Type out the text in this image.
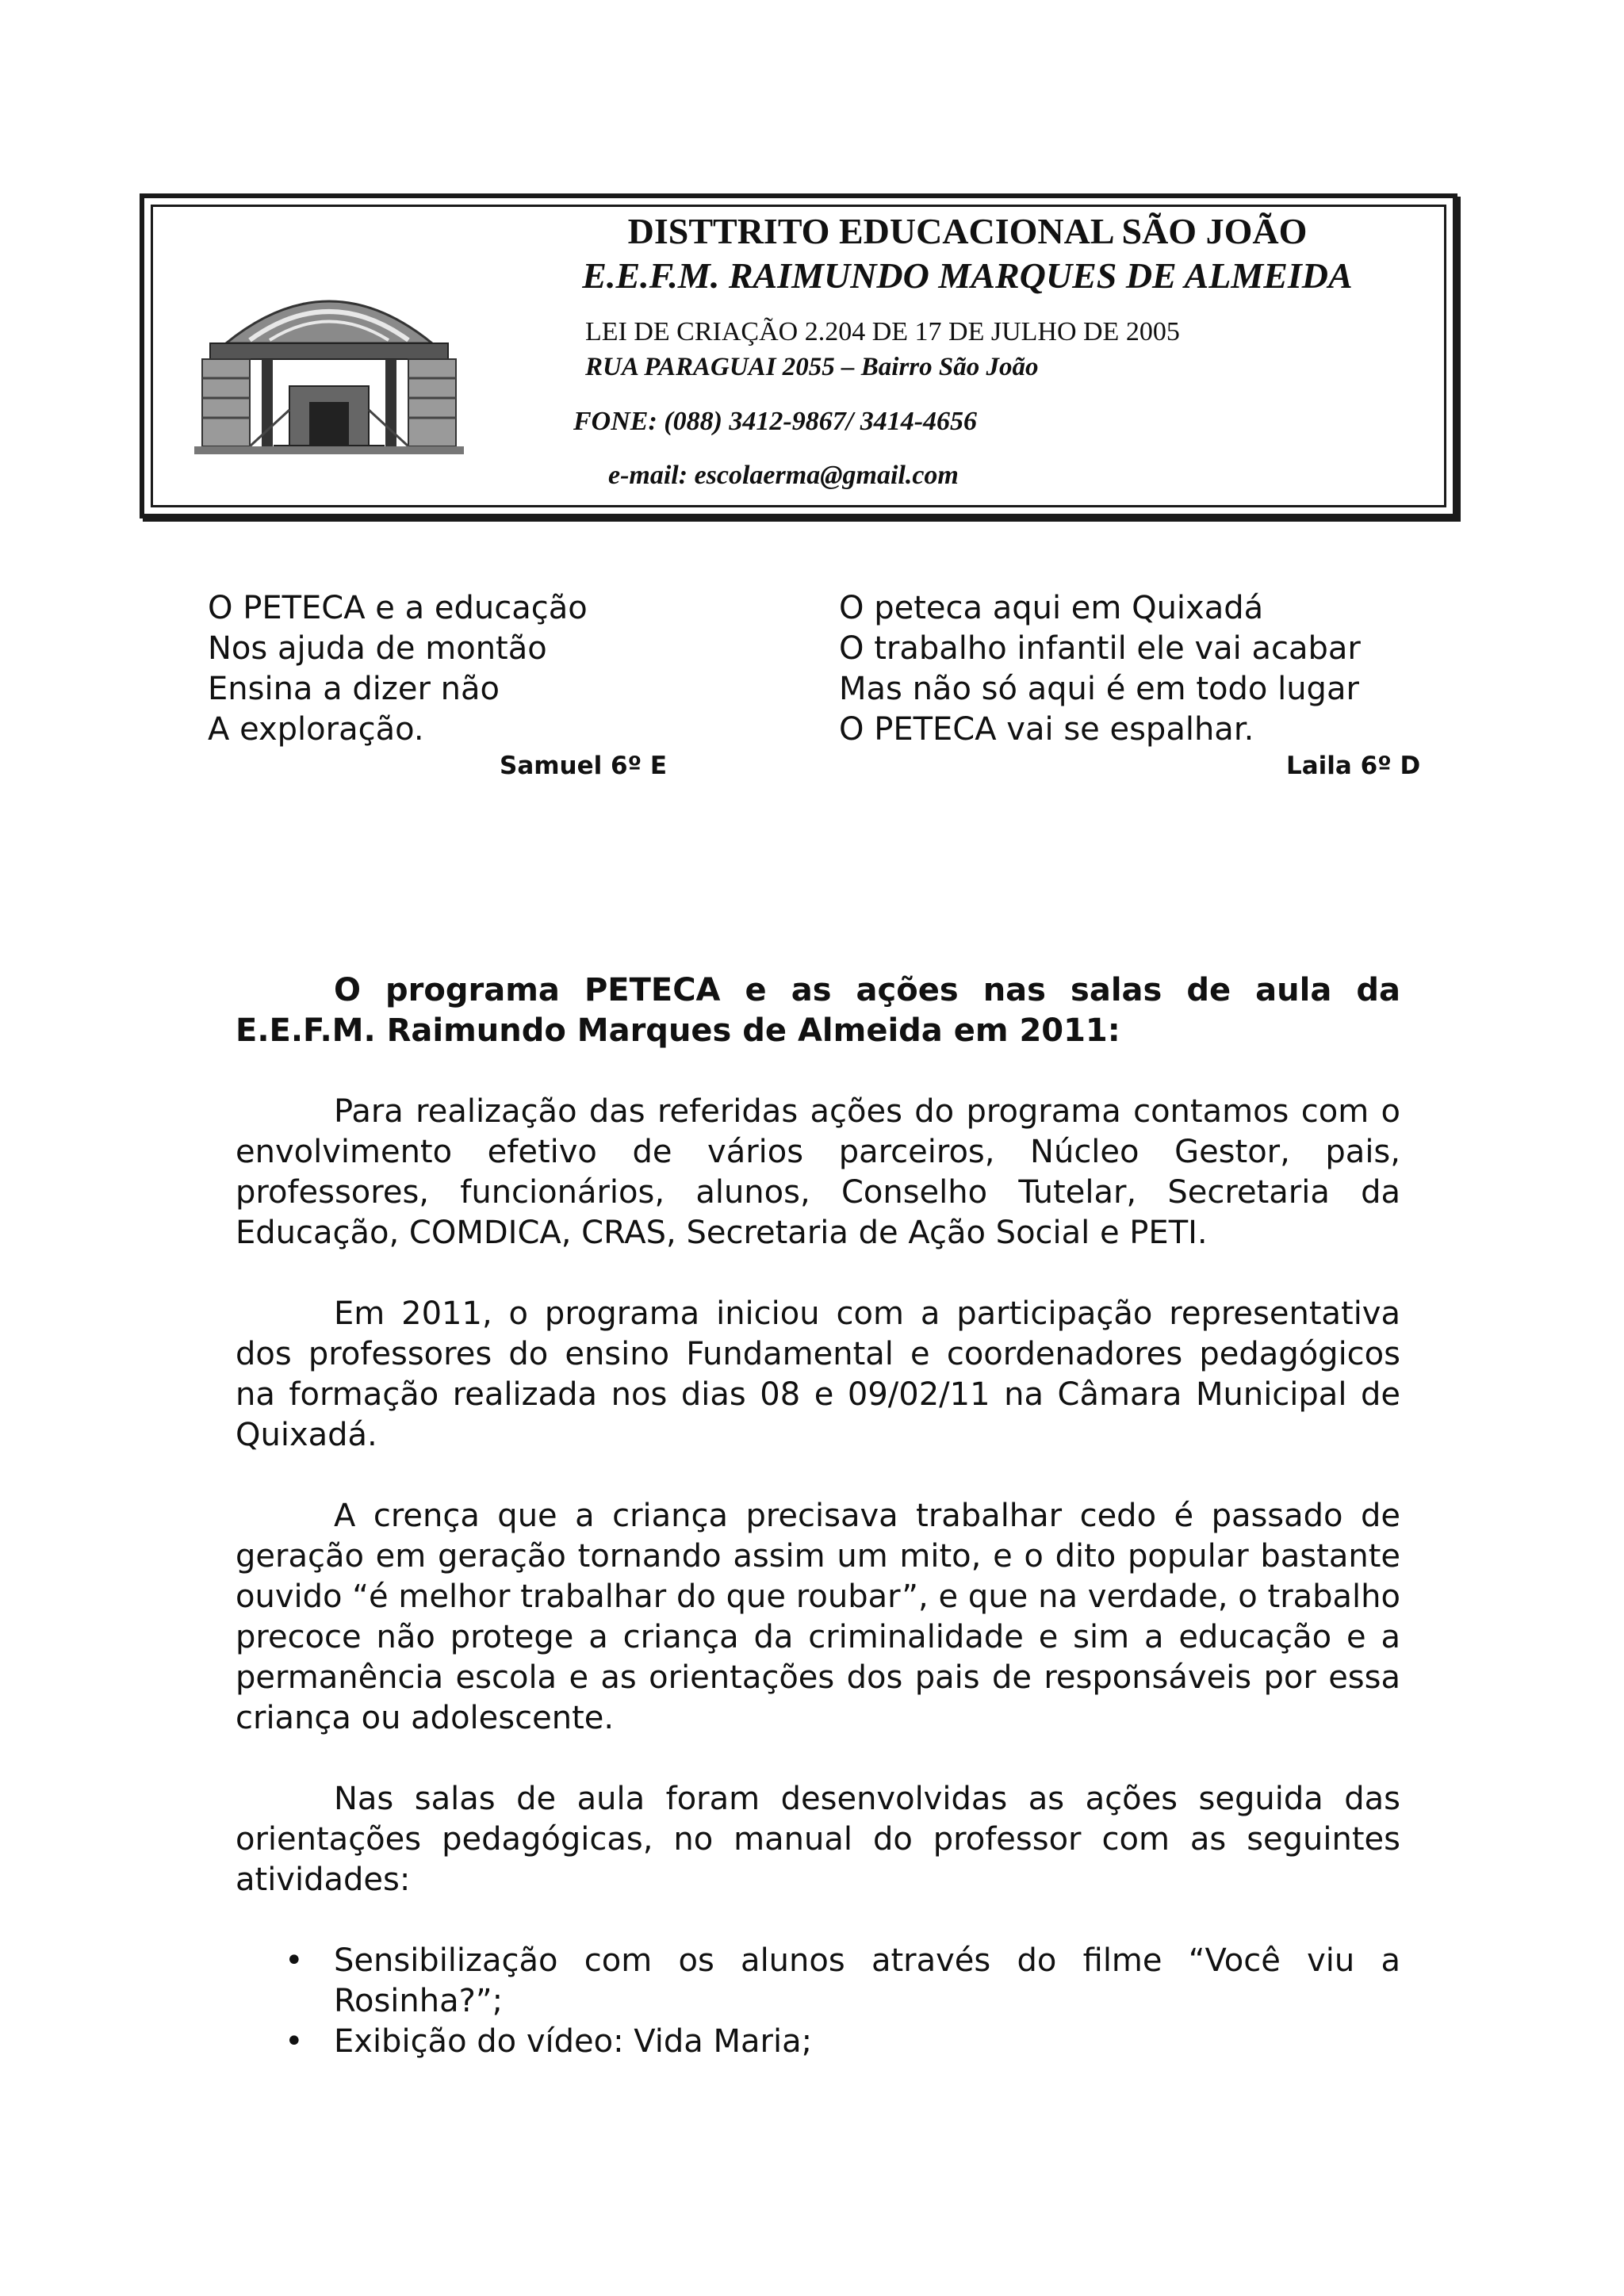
DISTTRITO EDUCACIONAL SÃO JOÃO
E.E.F.M. RAIMUNDO MARQUES DE ALMEIDA
LEI DE CRIAÇÃO 2.204 DE 17 DE JULHO DE 2005
RUA PARAGUAI 2055 – Bairro São João
FONE: (088) 3412-9867/ 3414-4656
e-mail: escolaerma@gmail.com
O PETECA e a educação
Nos ajuda de montão
Ensina a dizer não
A exploração.
Samuel 6º E
O peteca aqui em Quixadá
O trabalho infantil ele vai acabar
Mas não só aqui é em todo lugar
O PETECA vai se espalhar.
Laila 6º D

O programa PETECA e as ações nas salas de aula da E.E.F.M. Raimundo Marques de Almeida em 2011:

Para realização das referidas ações do programa contamos com o envolvimento efetivo de vários parceiros, Núcleo Gestor, pais, professores, funcionários, alunos, Conselho Tutelar, Secretaria da Educação, COMDICA, CRAS, Secretaria de Ação Social e PETI.

Em 2011, o programa iniciou com a participação representativa dos professores do ensino Fundamental e coordenadores pedagógicos na formação realizada nos dias 08 e 09/02/11 na Câmara Municipal de Quixadá.

A crença que a criança precisava trabalhar cedo é passado de geração em geração tornando assim um mito, e o dito popular bastante ouvido “é melhor trabalhar do que roubar”, e que na verdade, o trabalho precoce não protege a criança da criminalidade e sim a educação e a permanência escola e as orientações dos pais de responsáveis por essa criança ou adolescente.

Nas salas de aula foram desenvolvidas as ações seguida das orientações pedagógicas, no manual do professor com as seguintes atividades:

• Sensibilização com os alunos através do filme “Você viu a Rosinha?”;
• Exibição do vídeo: Vida Maria;
